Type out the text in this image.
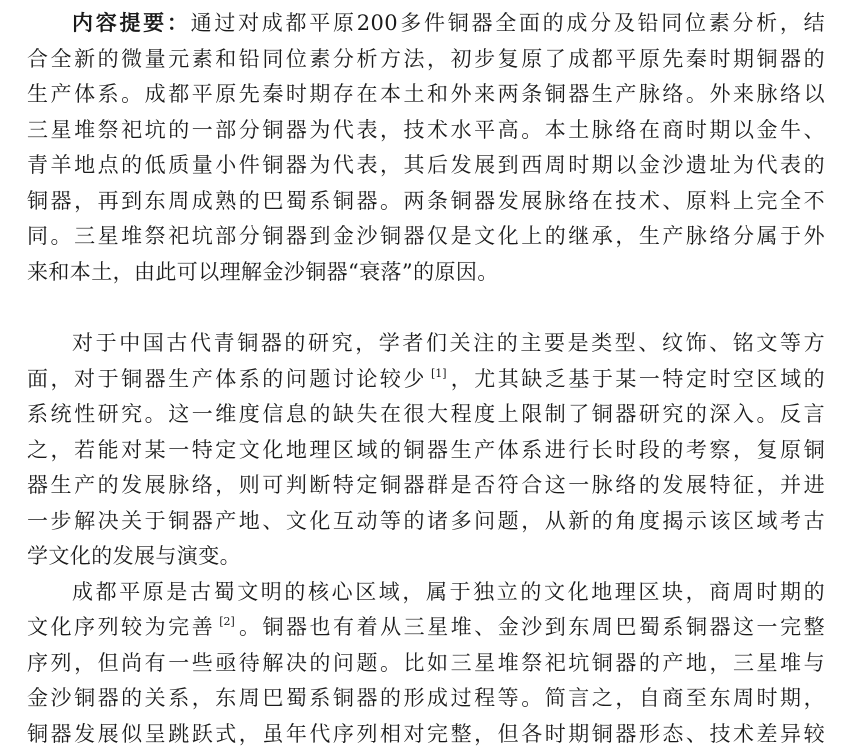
内容提要：通过对成都平原200多件铜器全面的成分及铅同位素分析，结
合全新的微量元素和铅同位素分析方法，初步复原了成都平原先秦时期铜器的
生产体系。成都平原先秦时期存在本土和外来两条铜器生产脉络。外来脉络以
三星堆祭祀坑的一部分铜器为代表，技术水平高。本土脉络在商时期以金牛、
青羊地点的低质量小件铜器为代表，其后发展到西周时期以金沙遗址为代表的
铜器，再到东周成熟的巴蜀系铜器。两条铜器发展脉络在技术、原料上完全不
同。三星堆祭祀坑部分铜器到金沙铜器仅是文化上的继承，生产脉络分属于外
来和本土，由此可以理解金沙铜器“衰落”的原因。
对于中国古代青铜器的研究，学者们关注的主要是类型、纹饰、铭文等方
面，对于铜器生产体系的问题讨论较少 [1]，尤其缺乏基于某一特定时空区域的
系统性研究。这一维度信息的缺失在很大程度上限制了铜器研究的深入。反言
之，若能对某一特定文化地理区域的铜器生产体系进行长时段的考察，复原铜
器生产的发展脉络，则可判断特定铜器群是否符合这一脉络的发展特征，并进
一步解决关于铜器产地、文化互动等的诸多问题，从新的角度揭示该区域考古
学文化的发展与演变。
成都平原是古蜀文明的核心区域，属于独立的文化地理区块，商周时期的
文化序列较为完善 [2]。铜器也有着从三星堆、金沙到东周巴蜀系铜器这一完整
序列，但尚有一些亟待解决的问题。比如三星堆祭祀坑铜器的产地，三星堆与
金沙铜器的关系，东周巴蜀系铜器的形成过程等。简言之，自商至东周时期，
铜器发展似呈跳跃式，虽年代序列相对完整，但各时期铜器形态、技术差异较
